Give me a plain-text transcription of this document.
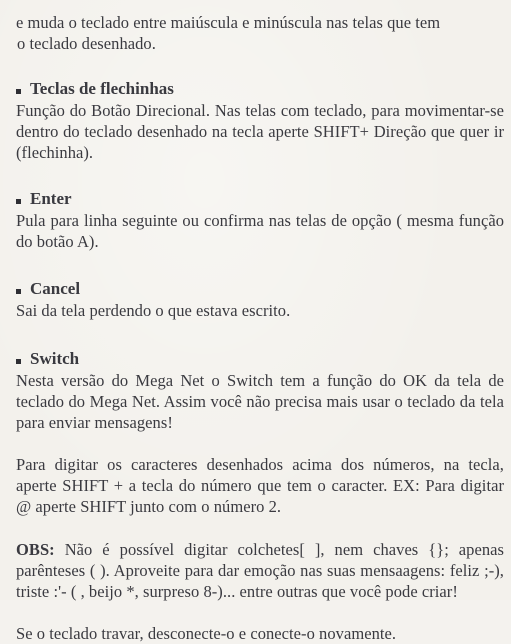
e muda o teclado entre maiúscula e minúscula nas telas que tem
o teclado desenhado.

Teclas de flechinhas

Função do Botão Direcional. Nas telas com teclado, para movimentar-se dentro do teclado desenhado na tecla aperte SHIFT+ Direção que quer ir (flechinha).

Enter

Pula para linha seguinte ou confirma nas telas de opção ( mesma função do botão A).

Cancel

Sai da tela perdendo o que estava escrito.

Switch

Nesta versão do Mega Net o Switch tem a função do OK da tela de teclado do Mega Net. Assim você não precisa mais usar o teclado da tela para enviar mensagens!

Para digitar os caracteres desenhados acima dos números, na tecla, aperte SHIFT + a tecla do número que tem o caracter. EX: Para digitar @ aperte SHIFT junto com o número 2.

OBS: Não é possível digitar colchetes[ ], nem chaves {}; apenas parênteses ( ). Aproveite para dar emoção nas suas mensaagens: feliz ;-), triste :'- ( , beijo *, surpreso 8-)... entre outras que você pode criar!

Se o teclado travar, desconecte-o e conecte-o novamente.
